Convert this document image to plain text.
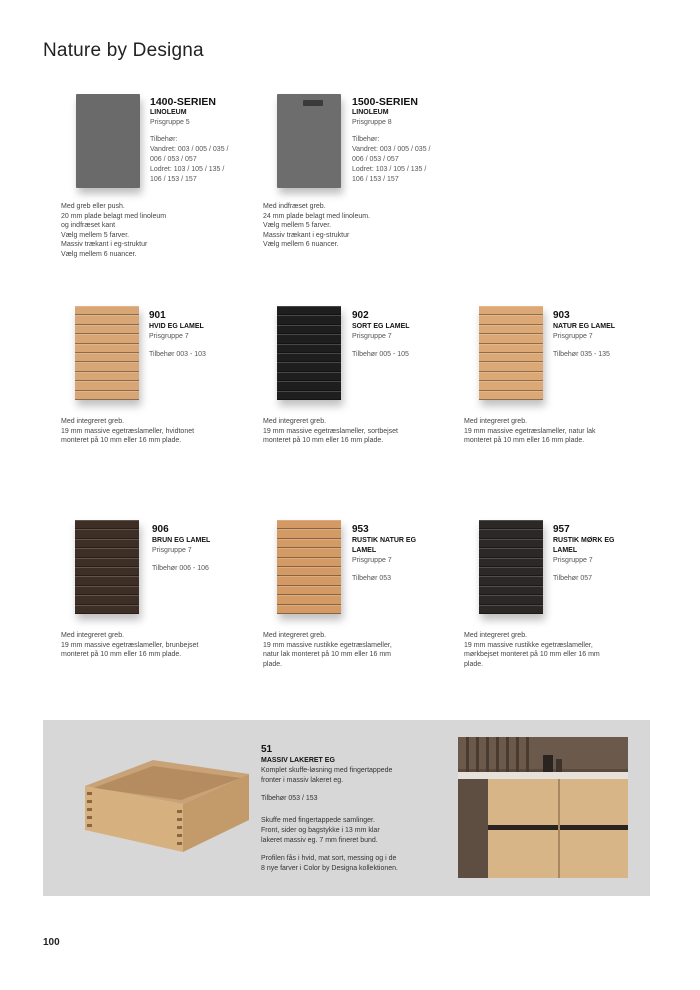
Nature by Designa
1400-SERIEN
LINOLEUM
Prisgruppe 5
Tilbehør:
Vandret: 003 / 005 / 035 /
006 / 053 / 057
Lodret: 103 / 105 / 135 /
106 / 153 / 157
Med greb eller push.
20 mm plade belagt med linoleum
og indfræset kant
Vælg mellem 5 farver.
Massiv trækant i eg-struktur
Vælg mellem 6 nuancer.
1500-SERIEN
LINOLEUM
Prisgruppe 8
Tilbehør:
Vandret: 003 / 005 / 035 /
006 / 053 / 057
Lodret: 103 / 105 / 135 /
106 / 153 / 157
Med indfræset greb.
24 mm plade belagt med linoleum.
Vælg mellem 5 farver.
Massiv trækant i eg-struktur
Vælg mellem 6 nuancer.
901
HVID EG LAMEL
Prisgruppe 7
Tilbehør 003 - 103
Med integreret greb.
19 mm massive egetræslameller, hvidtonet
monteret på 10 mm eller 16 mm plade.
902
SORT EG LAMEL
Prisgruppe 7
Tilbehør 005 - 105
Med integreret greb.
19 mm massive egetræslameller, sortbejset
monteret på 10 mm eller 16 mm plade.
903
NATUR EG LAMEL
Prisgruppe 7
Tilbehør 035 - 135
Med integreret greb.
19 mm massive egetræslameller, natur lak
monteret på 10 mm eller 16 mm plade.
906
BRUN EG LAMEL
Prisgruppe 7
Tilbehør 006 - 106
Med integreret greb.
19 mm massive egetræslameller, brunbejset
monteret på 10 mm eller 16 mm plade.
953
RUSTIK NATUR EG LAMEL
Prisgruppe 7
Tilbehør 053
Med integreret greb.
19 mm massive rustikke egetræslameller,
natur lak monteret på 10 mm eller 16 mm
plade.
957
RUSTIK MØRK EG LAMEL
Prisgruppe 7
Tilbehør 057
Med integreret greb.
19 mm massive rustikke egetræslameller,
mørkbejset monteret på 10 mm eller 16 mm
plade.
51
MASSIV LAKERET EG
Komplet skuffe-løsning med fingertappede
fronter i massiv lakeret eg.
Tilbehør 053 / 153
Skuffe med fingertappede samlinger.
Front, sider og bagstykke i 13 mm klar
lakeret massiv eg. 7 mm fineret bund.
Profilen fås i hvid, mat sort, messing og i de
8 nye farver i Color by Designa kollektionen.
100
